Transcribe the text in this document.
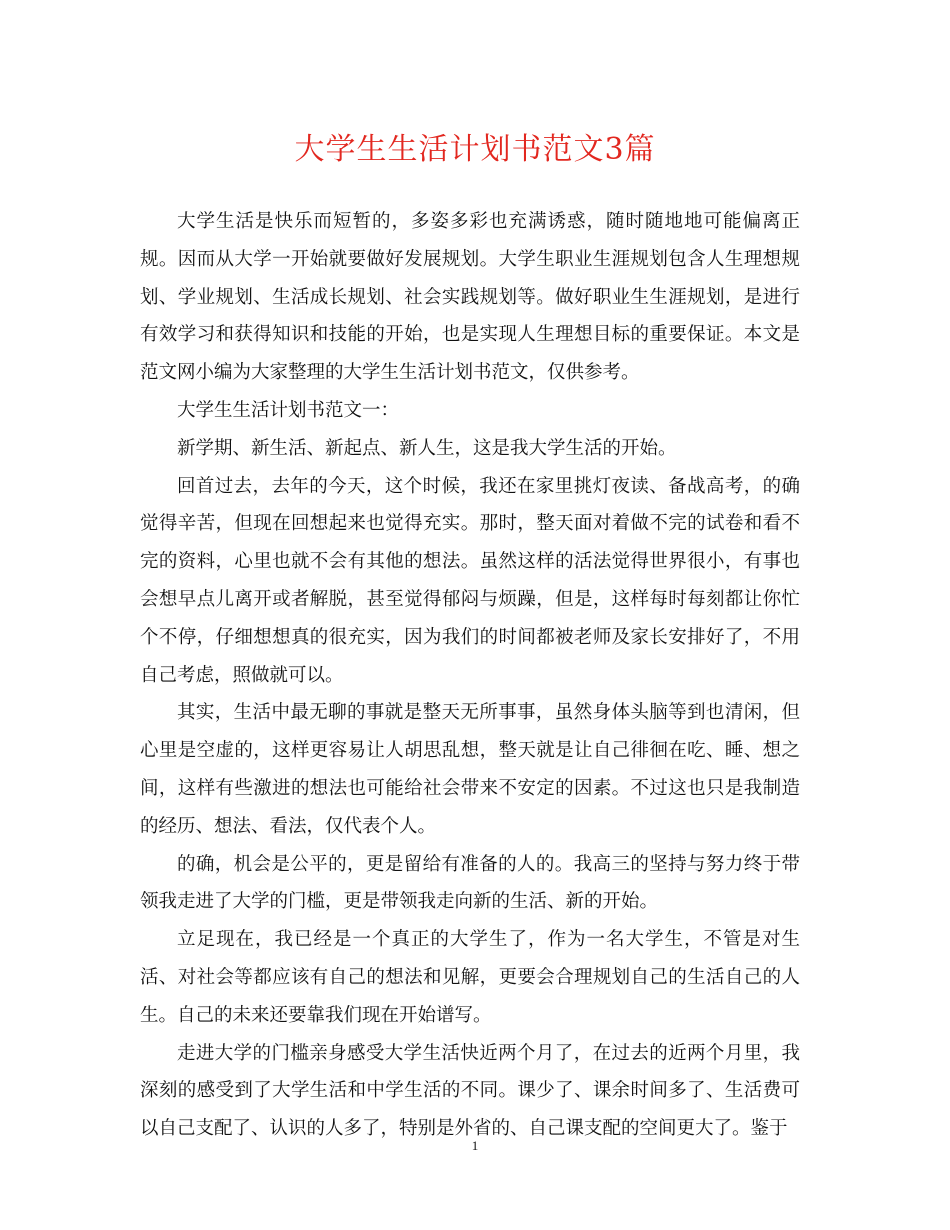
大学生生活计划书范文3篇

大学生活是快乐而短暂的，多姿多彩也充满诱惑，随时随地地可能偏离正规。因而从大学一开始就要做好发展规划。大学生职业生涯规划包含人生理想规划、学业规划、生活成长规划、社会实践规划等。做好职业生生涯规划，是进行有效学习和获得知识和技能的开始，也是实现人生理想目标的重要保证。本文是范文网小编为大家整理的大学生生活计划书范文，仅供参考。

大学生生活计划书范文一：

新学期、新生活、新起点、新人生，这是我大学生活的开始。

回首过去，去年的今天，这个时候，我还在家里挑灯夜读、备战高考，的确觉得辛苦，但现在回想起来也觉得充实。那时，整天面对着做不完的试卷和看不完的资料，心里也就不会有其他的想法。虽然这样的活法觉得世界很小，有事也会想早点儿离开或者解脱，甚至觉得郁闷与烦躁，但是，这样每时每刻都让你忙个不停，仔细想想真的很充实，因为我们的时间都被老师及家长安排好了，不用自己考虑，照做就可以。

其实，生活中最无聊的事就是整天无所事事，虽然身体头脑等到也清闲，但心里是空虚的，这样更容易让人胡思乱想，整天就是让自己徘徊在吃、睡、想之间，这样有些激进的想法也可能给社会带来不安定的因素。不过这也只是我制造的经历、想法、看法，仅代表个人。

的确，机会是公平的，更是留给有准备的人的。我高三的坚持与努力终于带领我走进了大学的门槛，更是带领我走向新的生活、新的开始。

立足现在，我已经是一个真正的大学生了，作为一名大学生，不管是对生活、对社会等都应该有自己的想法和见解，更要会合理规划自己的生活自己的人生。自己的未来还要靠我们现在开始谱写。

走进大学的门槛亲身感受大学生活快近两个月了，在过去的近两个月里，我深刻的感受到了大学生活和中学生活的不同。课少了、课余时间多了、生活费可以自己支配了、认识的人多了，特别是外省的、自己课支配的空间更大了。鉴于

1
